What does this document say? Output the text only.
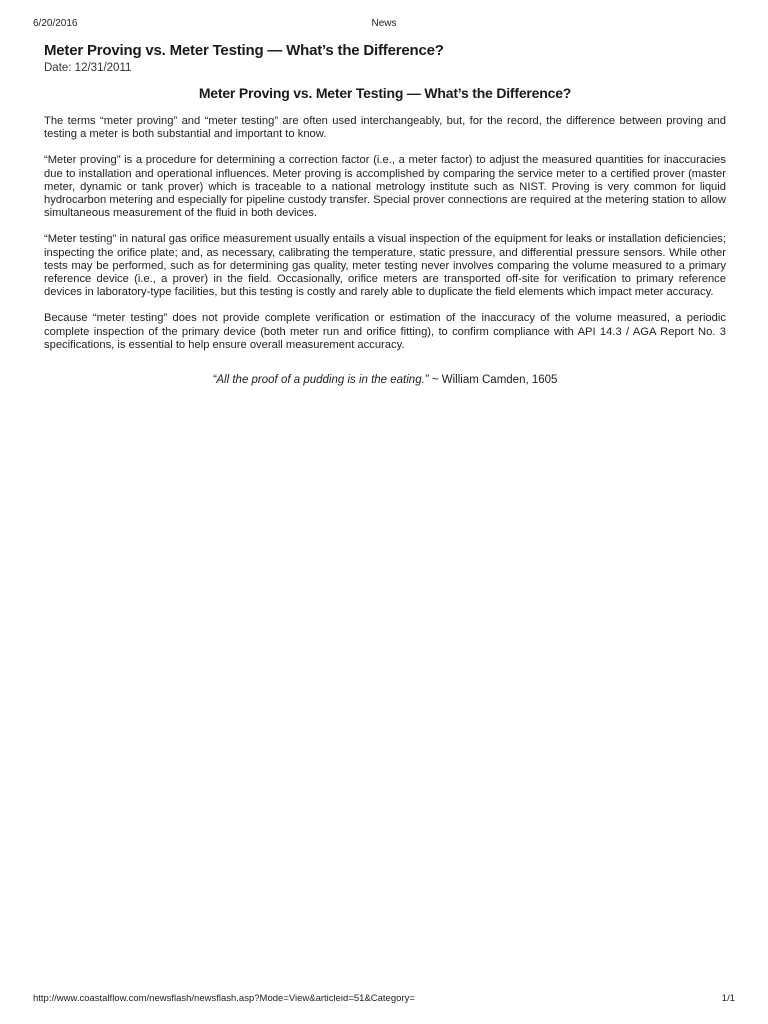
News
6/20/2016
Meter Proving vs. Meter Testing — What’s the Difference?
Date: 12/31/2011
Meter Proving vs. Meter Testing — What’s the Difference?

The terms “meter proving” and “meter testing” are often used interchangeably, but, for the record, the difference between proving and testing a meter is both substantial and important to know.

“Meter proving” is a procedure for determining a correction factor (i.e., a meter factor) to adjust the measured quantities for inaccuracies due to installation and operational influences. Meter proving is accomplished by comparing the service meter to a certified prover (master meter, dynamic or tank prover) which is traceable to a national metrology institute such as NIST. Proving is very common for liquid hydrocarbon metering and especially for pipeline custody transfer. Special prover connections are required at the metering station to allow simultaneous measurement of the fluid in both devices.

“Meter testing” in natural gas orifice measurement usually entails a visual inspection of the equipment for leaks or installation deficiencies; inspecting the orifice plate; and, as necessary, calibrating the temperature, static pressure, and differential pressure sensors. While other tests may be performed, such as for determining gas quality, meter testing never involves comparing the volume measured to a primary reference device (i.e., a prover) in the field. Occasionally, orifice meters are transported off-site for verification to primary reference devices in laboratory-type facilities, but this testing is costly and rarely able to duplicate the field elements which impact meter accuracy.

Because “meter testing” does not provide complete verification or estimation of the inaccuracy of the volume measured, a periodic complete inspection of the primary device (both meter run and orifice fitting), to confirm compliance with API 14.3 / AGA Report No. 3 specifications, is essential to help ensure overall measurement accuracy.

“All the proof of a pudding is in the eating.” ~ William Camden, 1605
http://www.coastalflow.com/newsflash/newsflash.asp?Mode=View&articleid=51&Category=	1/1
